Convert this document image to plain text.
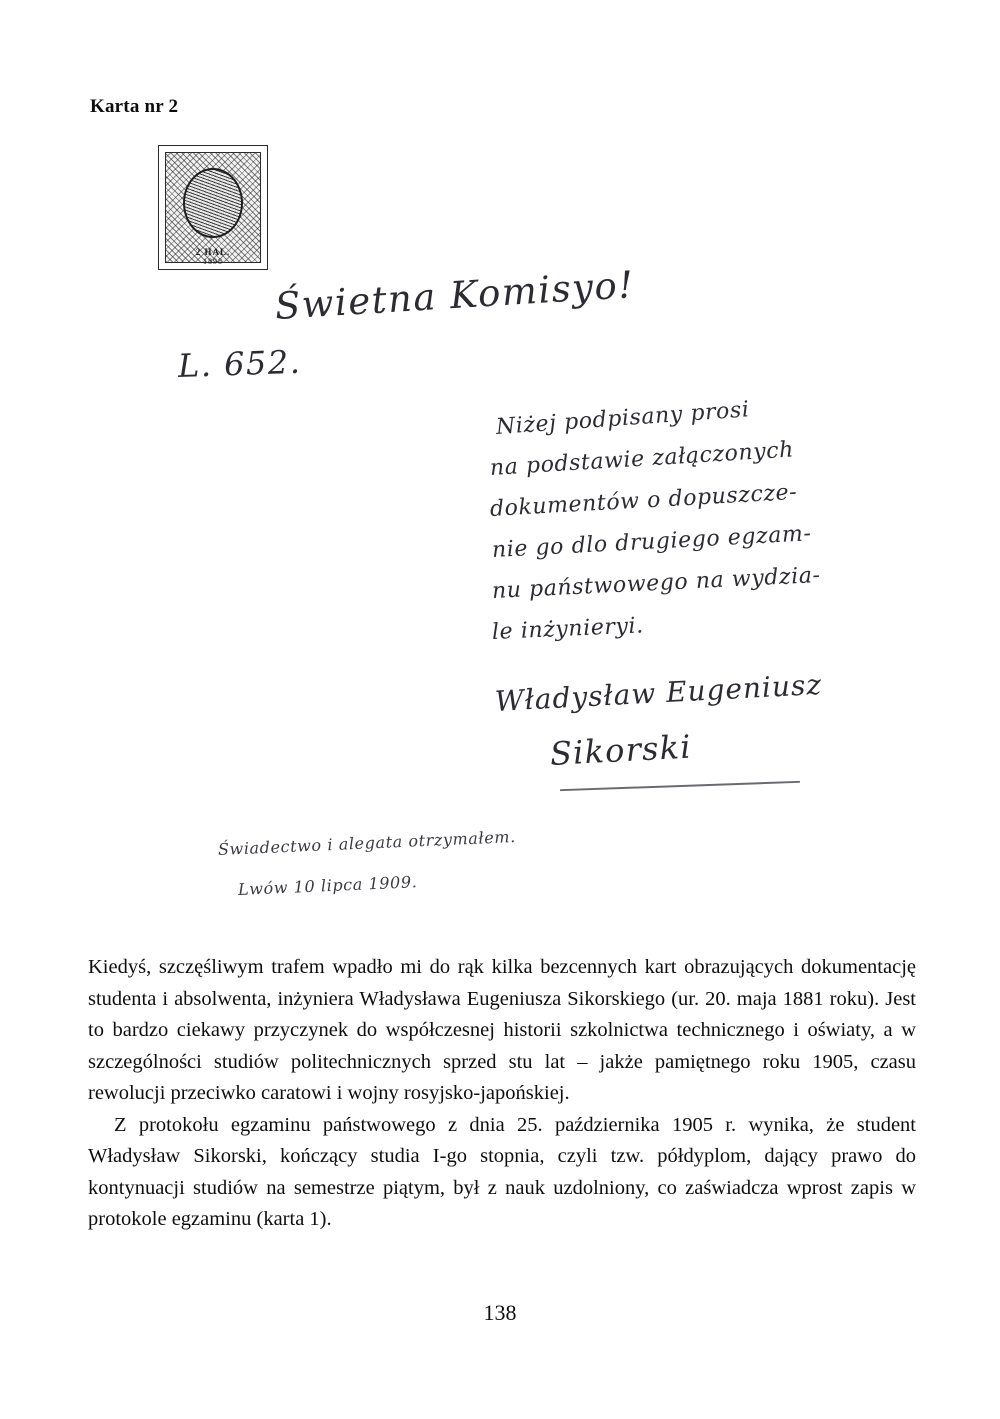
Karta nr 2
2 HAL.
1898
Świetna Komisyo!
L. 652.
Niżej podpisany prosi
na podstawie załączonych
dokumentów o dopuszcze-
nie go dlo drugiego egzam-
nu państwowego na wydzia-
le inżynieryi.
Władysław Eugeniusz
Sikorski
Świadectwo i alegata otrzymałem.
Lwów 10 lipca 1909.

Kiedyś, szczęśliwym trafem wpadło mi do rąk kilka bezcennych kart obrazujących dokumentację studenta i absolwenta, inżyniera Władysława Eugeniusza Sikorskiego (ur. 20. maja 1881 roku). Jest to bardzo ciekawy przyczynek do współczesnej historii szkolnictwa technicznego i oświaty, a w szczególności studiów politechnicznych sprzed stu lat – jakże pamiętnego roku 1905, czasu rewolucji przeciwko caratowi i wojny rosyjsko-japońskiej.

Z protokołu egzaminu państwowego z dnia 25. października 1905 r. wynika, że student Władysław Sikorski, kończący studia I-go stopnia, czyli tzw. półdyplom, dający prawo do kontynuacji studiów na semestrze piątym, był z nauk uzdolniony, co zaświadcza wprost zapis w protokole egzaminu (karta 1).

138
